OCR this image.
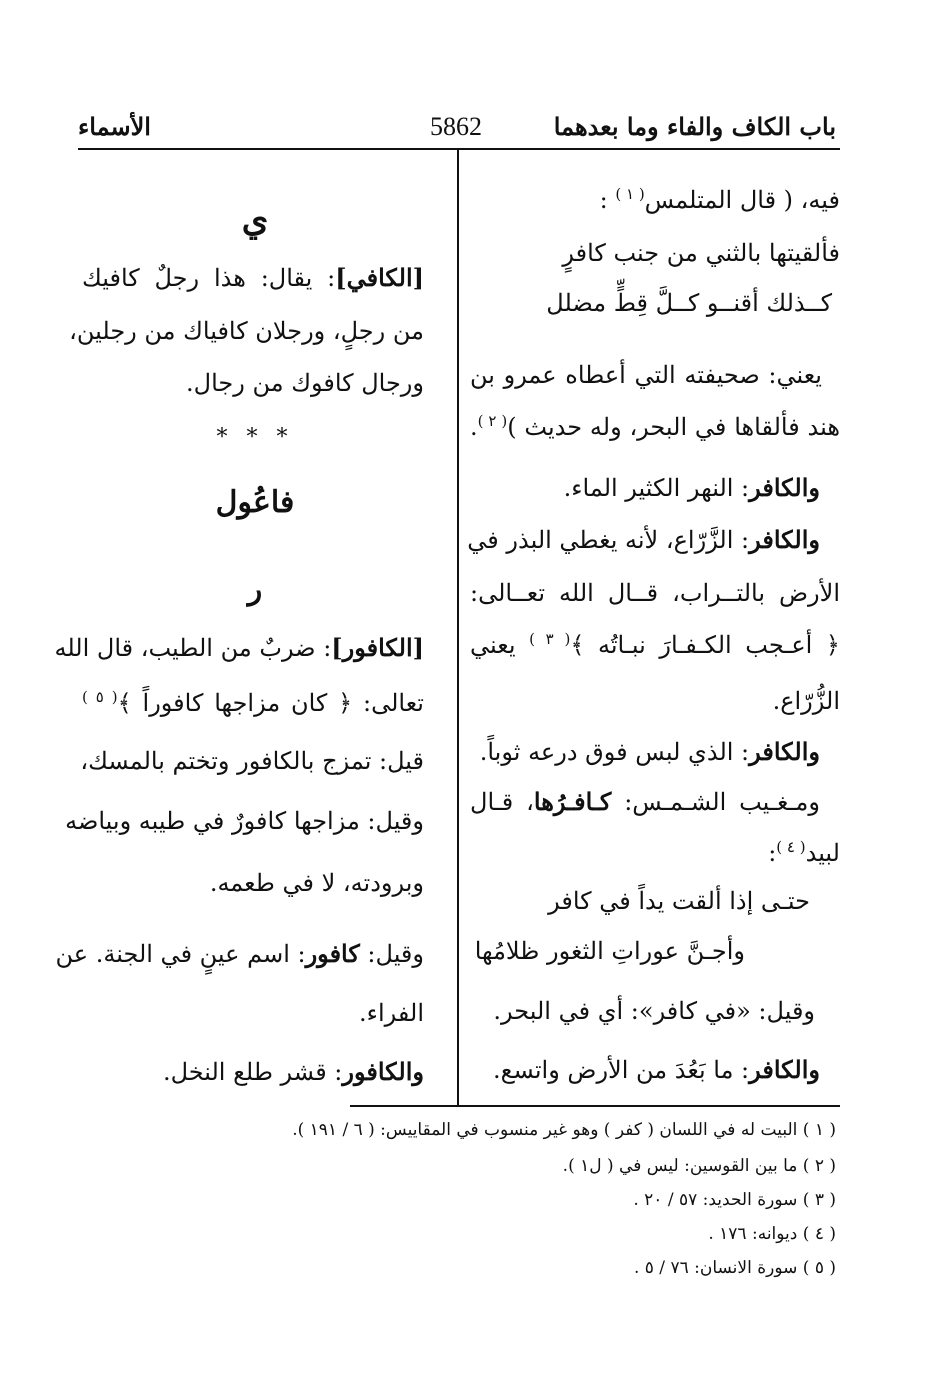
باب الكاف والفاء وما بعدهما
5862
الأسماء
فيه، ( قال المتلمس$^{( ١ )}$ :
فألقيتها بالثني من جنب كافرٍ
كــذلك أقنــو كــلَّ قِطٍّ مضلل
يعني: صحيفته التي أعطاه عمرو بن
هند فألقاها في البحر، وله حديث )$^{( ٢ )}$.
والكافر: النهر الكثير الماء.
والكافر: الزَّرّاع، لأنه يغطي البذر في
الأرض بالتــراب، قــال الله تعــالى:
﴿ أعـجب الكـفـارَ نبـاتُه ﴾$^{( ٣ )}$ يعني
الزُّرّاع.
والكافر: الذي لبس فوق درعه ثوباً.
ومـغـيب الشـمـس: كـافـرُها، قـال
لبيد$^{( ٤ )}$:
حتـى إذا ألقت يداً في كافر
وأجـنَّ عوراتِ الثغور ظلامُها
وقيل: «في كافر»: أي في البحر.
والكافر: ما بَعُدَ من الأرض واتسع.
ي
* * *
فاعُول
ر
[الكافي]: يقال: هذا رجلٌ كافيك
من رجلٍ، ورجلان كافياك من رجلين،
ورجال كافوك من رجال.
[الكافور]: ضربٌ من الطيب، قال الله
تعالى: ﴿ كان مزاجها كافوراً ﴾$^{( ٥ )}$
قيل: تمزج بالكافور وتختم بالمسك،
وقيل: مزاجها كافورٌ في طيبه وبياضه
وبرودته، لا في طعمه.
وقيل: كافور: اسم عينٍ في الجنة. عن
الفراء.
والكافور: قشر طلع النخل.
( ١ ) البيت له في اللسان ( كفر ) وهو غير منسوب في المقاييس: ( ٦ / ١٩١ ).
( ٢ ) ما بين القوسين: ليس في ( ل١ ).
( ٣ ) سورة الحديد: ٥٧ / ٢٠ .
( ٤ ) ديوانه: ١٧٦ .
( ٥ ) سورة الانسان: ٧٦ / ٥ .
